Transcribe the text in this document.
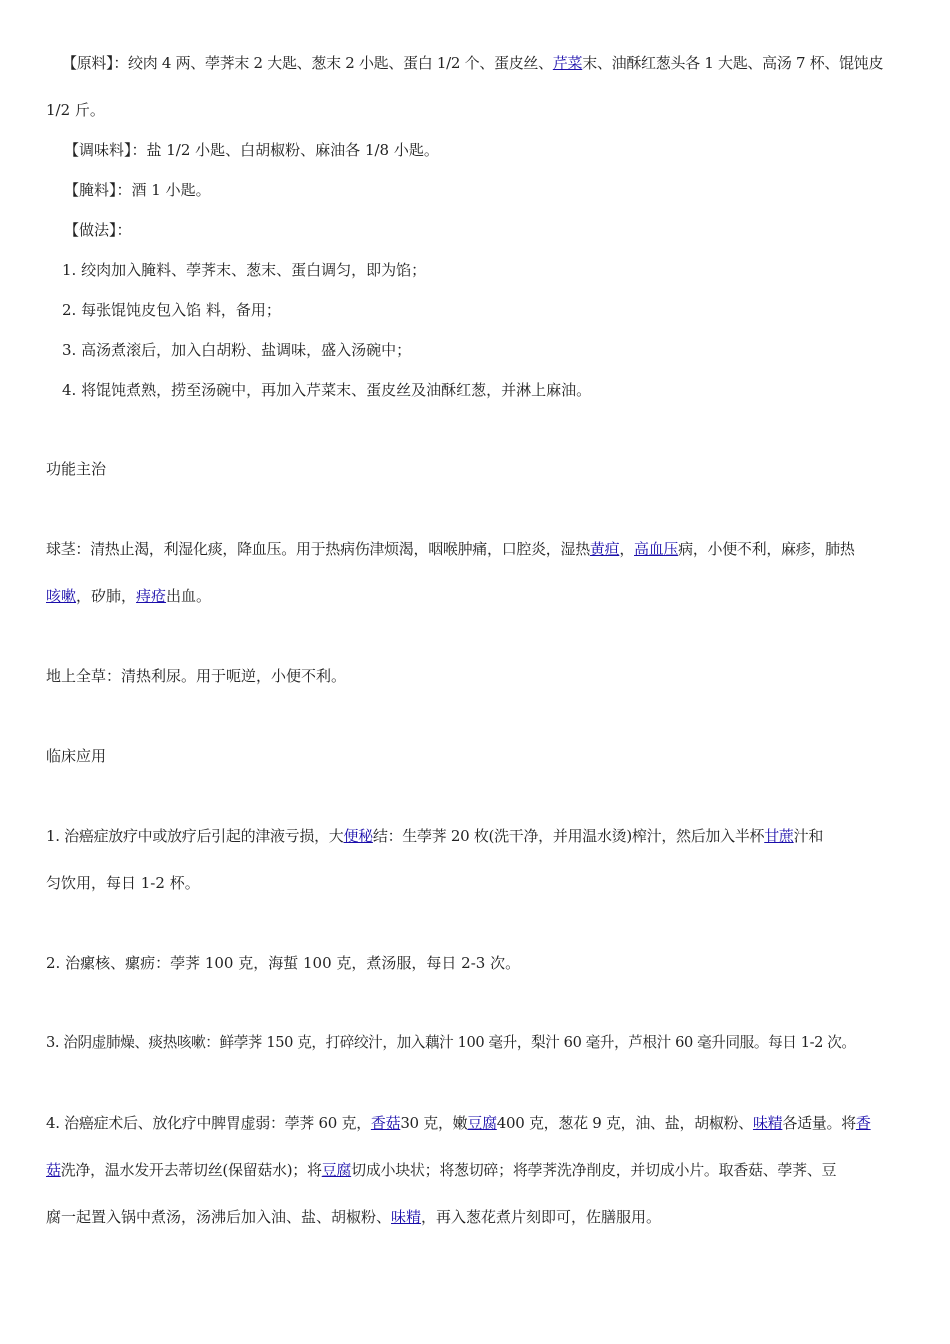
【原料】：绞肉 4 两、荸荠末 2 大匙、葱末 2 小匙、蛋白 1/2 个、蛋皮丝、芹菜末、油酥红葱头各 1 大匙、高汤 7 杯、馄饨皮
1/2 斤。
【调味料】：盐 1/2 小匙、白胡椒粉、麻油各 1/8 小匙。
【腌料】：酒 1 小匙。
【做法】：
1. 绞肉加入腌料、荸荠末、葱末、蛋白调匀，即为馅；
2. 每张馄饨皮包入馅 料，备用；
3. 高汤煮滚后，加入白胡粉、盐调味，盛入汤碗中；
4. 将馄饨煮熟，捞至汤碗中，再加入芹菜末、蛋皮丝及油酥红葱，并淋上麻油。
功能主治
球茎：清热止渴，利湿化痰，降血压。用于热病伤津烦渴，咽喉肿痛，口腔炎，湿热黄疸，高血压病，小便不利，麻疹，肺热
咳嗽，矽肺，痔疮出血。
地上全草：清热利尿。用于呃逆，小便不利。
临床应用
1. 治癌症放疗中或放疗后引起的津液亏损，大便秘结：生荸荠 20 枚(洗干净，并用温水烫)榨汁，然后加入半杯甘蔗汁和
匀饮用，每日 1-2 杯。
2. 治瘰核、瘰疬：荸荠 100 克，海蜇 100 克，煮汤服，每日 2-3 次。
3. 治阴虚肺燥、痰热咳嗽：鲜荸荠 150 克，打碎绞汁，加入藕汁 100 毫升，梨汁 60 毫升，芦根汁 60 毫升同服。每日 1-2 次。
4. 治癌症术后、放化疗中脾胃虚弱：荸荠 60 克，香菇30 克，嫩豆腐400 克，葱花 9 克，油、盐，胡椒粉、味精各适量。将香
菇洗净，温水发开去蒂切丝(保留菇水)；将豆腐切成小块状；将葱切碎；将荸荠洗净削皮，并切成小片。取香菇、荸荠、豆
腐一起置入锅中煮汤，汤沸后加入油、盐、胡椒粉、味精，再入葱花煮片刻即可，佐膳服用。
